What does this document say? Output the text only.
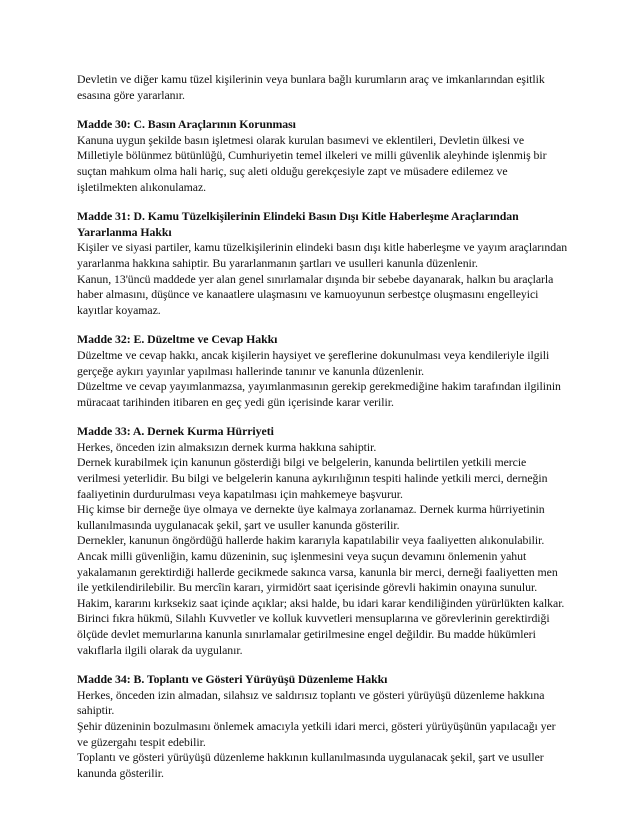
Devletin ve diğer kamu tüzel kişilerinin veya bunlara bağlı kurumların araç ve imkanlarından eşitlik esasına göre yararlanır.
Madde 30: C. Basın Araçlarının Korunması
Kanuna uygun şekilde basın işletmesi olarak kurulan basımevi ve eklentileri, Devletin ülkesi ve Milletiyle bölünmez bütünlüğü, Cumhuriyetin temel ilkeleri ve milli güvenlik aleyhinde işlenmiş bir suçtan mahkum olma hali hariç, suç aleti olduğu gerekçesiyle zapt ve müsadere edilemez ve işletilmekten alıkonulamaz.
Madde 31: D. Kamu Tüzelkişilerinin Elindeki Basın Dışı Kitle Haberleşme Araçlarından Yararlanma Hakkı
Kişiler ve siyasi partiler, kamu tüzelkişilerinin elindeki basın dışı kitle haberleşme ve yayım araçlarından yararlanma hakkına sahiptir. Bu yararlanmanın şartları ve usulleri kanunla düzenlenir.
Kanun, 13'üncü maddede yer alan genel sınırlamalar dışında bir sebebe dayanarak, halkın bu araçlarla haber almasını, düşünce ve kanaatlere ulaşmasını ve kamuoyunun serbestçe oluşmasını engelleyici kayıtlar koyamaz.
Madde 32: E. Düzeltme ve Cevap Hakkı
Düzeltme ve cevap hakkı, ancak kişilerin haysiyet ve şereflerine dokunulması veya kendileriyle ilgili gerçeğe aykırı yayınlar yapılması hallerinde tanınır ve kanunla düzenlenir.
Düzeltme ve cevap yayımlanmazsa, yayımlanmasının gerekip gerekmediğine hakim tarafından ilgilinin müracaat tarihinden itibaren en geç yedi gün içerisinde karar verilir.
Madde 33: A. Dernek Kurma Hürriyeti
Herkes, önceden izin almaksızın dernek kurma hakkına sahiptir.
Dernek kurabilmek için kanunun gösterdiği bilgi ve belgelerin, kanunda belirtilen yetkili mercie verilmesi yeterlidir. Bu bilgi ve belgelerin kanuna aykırılığının tespiti halinde yetkili merci, derneğin faaliyetinin durdurulması veya kapatılması için mahkemeye başvurur.
Hiç kimse bir derneğe üye olmaya ve dernekte üye kalmaya zorlanamaz. Dernek kurma hürriyetinin kullanılmasında uygulanacak şekil, şart ve usuller kanunda gösterilir.
Dernekler, kanunun öngördüğü hallerde hakim kararıyla kapatılabilir veya faaliyetten alıkonulabilir. Ancak milli güvenliğin, kamu düzeninin, suç işlenmesini veya suçun devamını önlemenin yahut yakalamanın gerektirdiği hallerde gecikmede sakınca varsa, kanunla bir merci, derneği faaliyetten men ile yetkilendirilebilir. Bu mercîin kararı, yirmidört saat içerisinde görevli hakimin onayına sunulur. Hakim, kararını kırksekiz saat içinde açıklar; aksi halde, bu idari karar kendiliğinden yürürlükten kalkar. Birinci fıkra hükmü, Silahlı Kuvvetler ve kolluk kuvvetleri mensuplarına ve görevlerinin gerektirdiği ölçüde devlet memurlarına kanunla sınırlamalar getirilmesine engel değildir. Bu madde hükümleri vakıflarla ilgili olarak da uygulanır.
Madde 34: B. Toplantı ve Gösteri Yürüyüşü Düzenleme Hakkı
Herkes, önceden izin almadan, silahsız ve saldırısız toplantı ve gösteri yürüyüşü düzenleme hakkına sahiptir.
Şehir düzeninin bozulmasını önlemek amacıyla yetkili idari merci, gösteri yürüyüşünün yapılacağı yer ve güzergahı tespit edebilir.
Toplantı ve gösteri yürüyüşü düzenleme hakkının kullanılmasında uygulanacak şekil, şart ve usuller kanunda gösterilir.
